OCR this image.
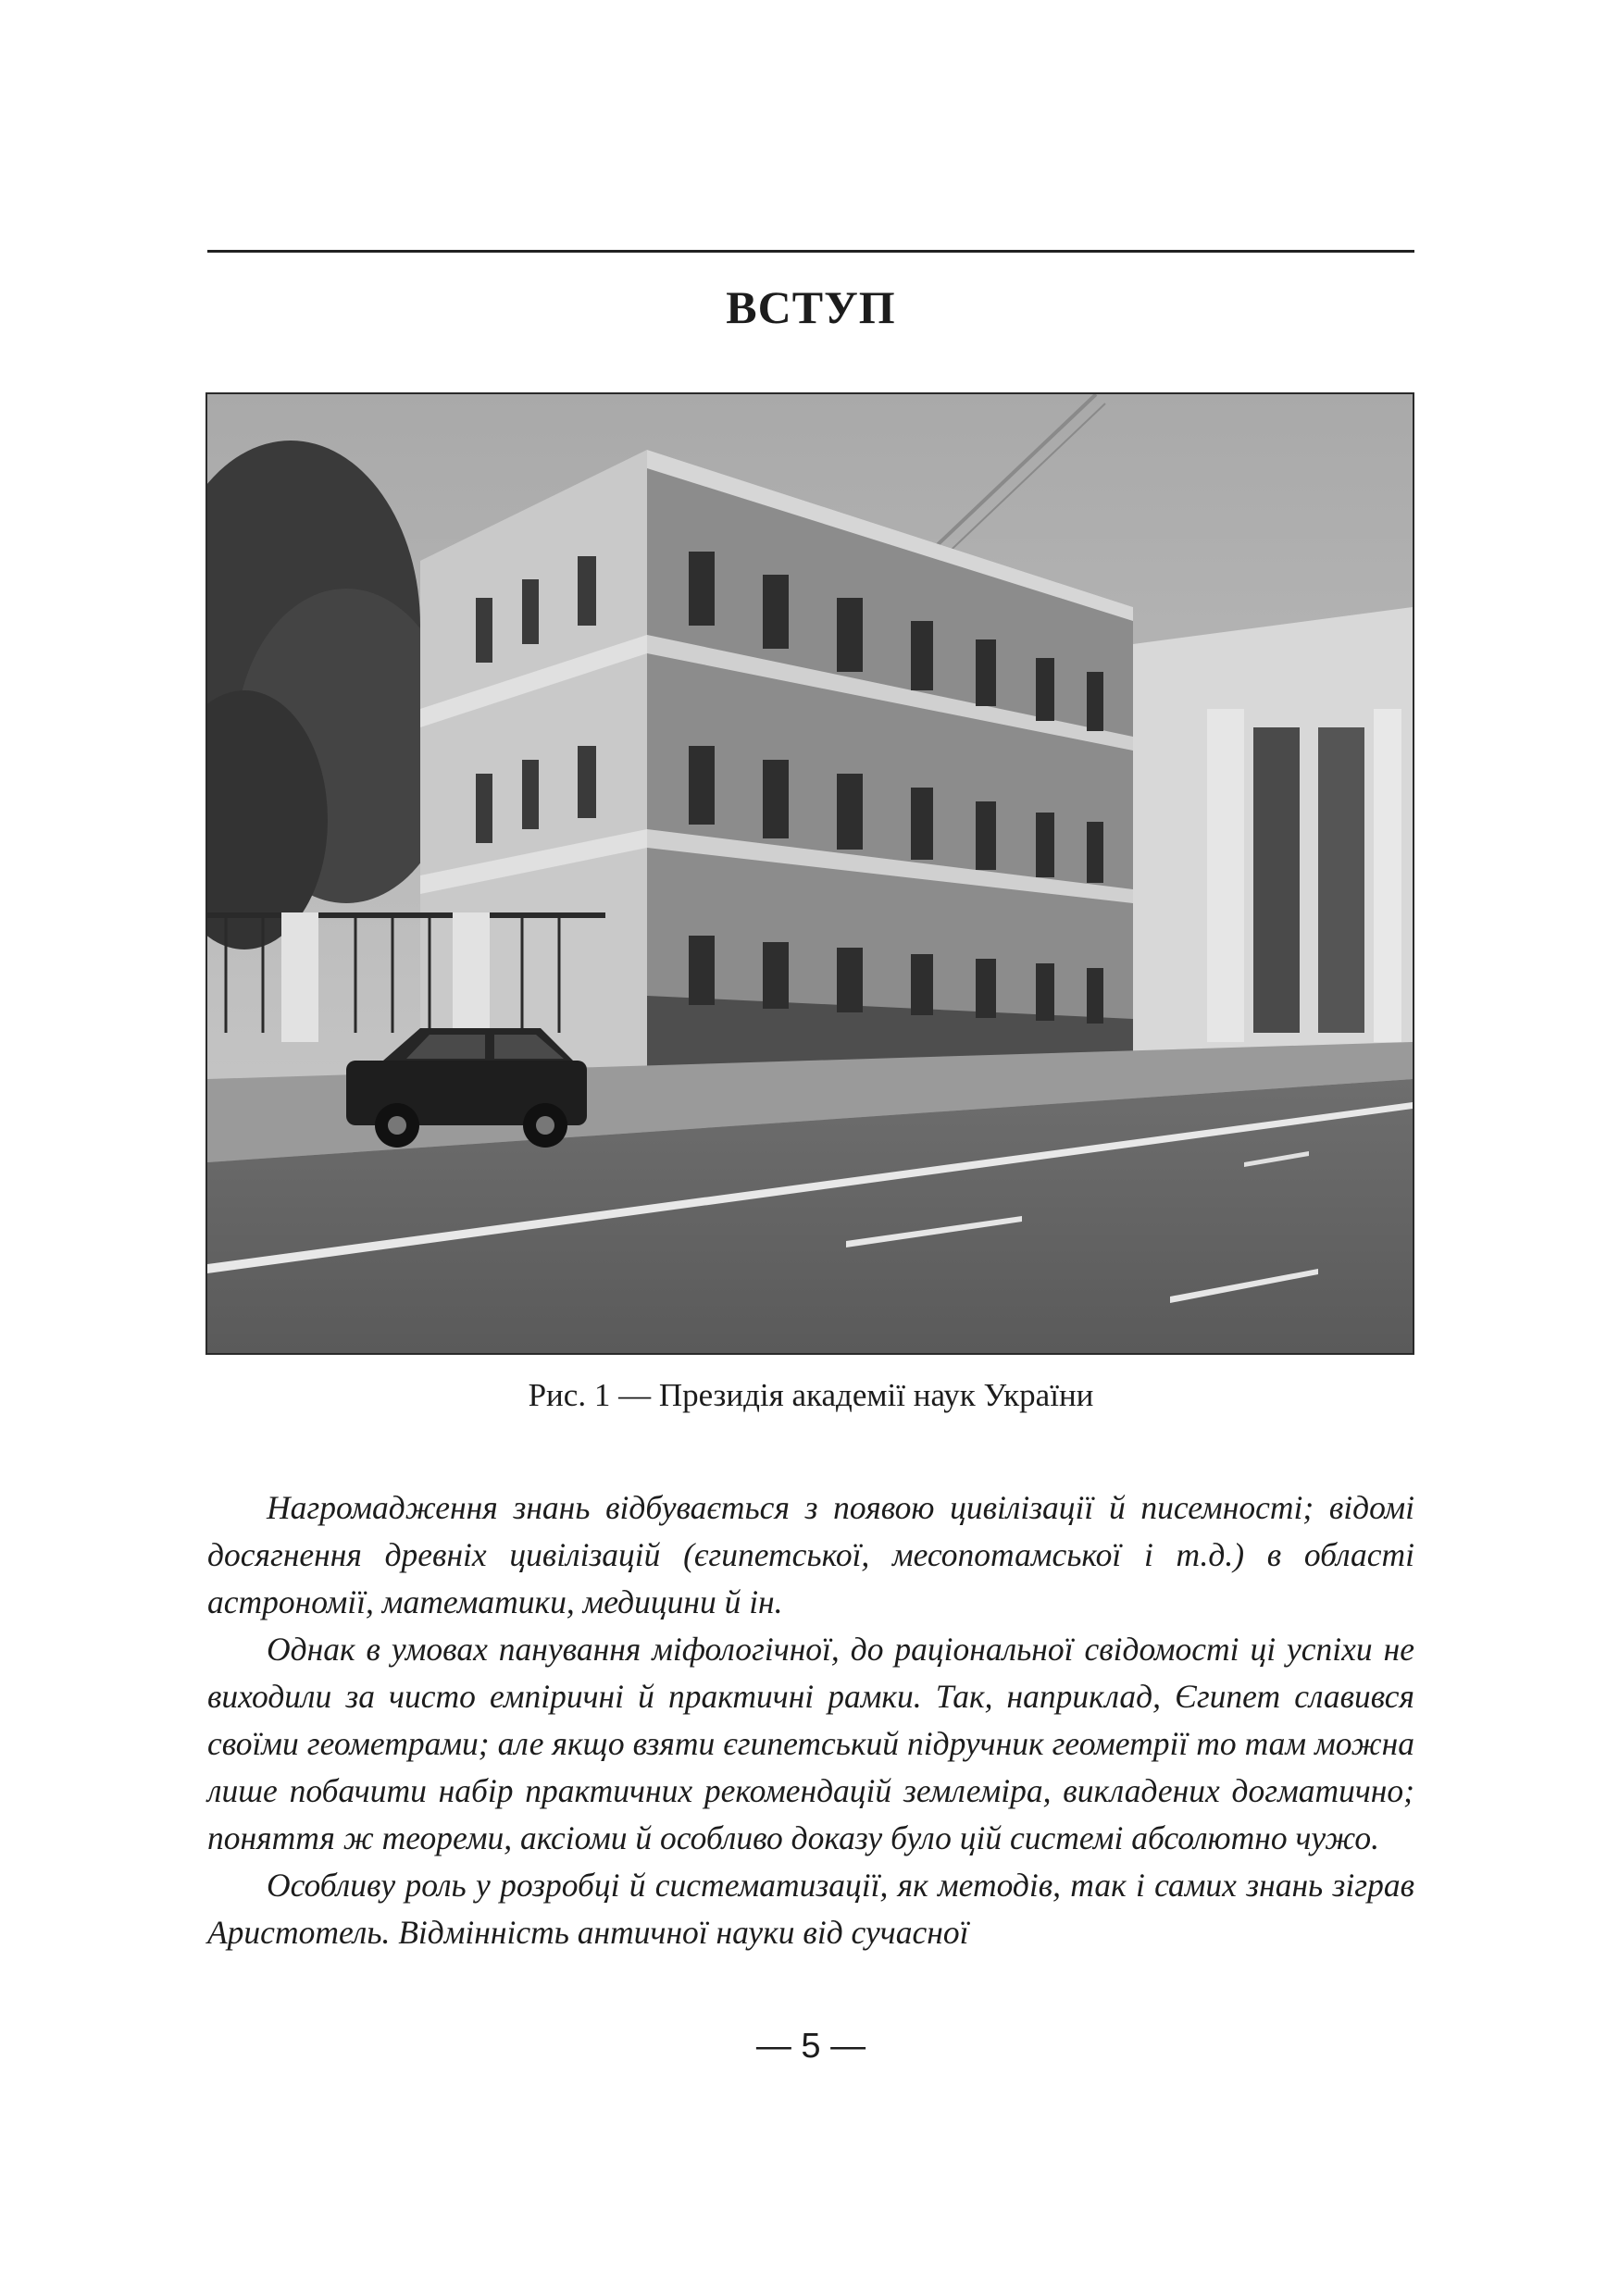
ВСТУП
Рис. 1 — Президія академії наук України

Нагромадження знань відбувається з появою цивілізації й писемності; відомі досягнення древніх цивілізацій (єгипетської, месопотамської і т.д.) в області астрономії, математики, медицини й ін.

Однак в умовах панування міфологічної, до раціональної свідомості ці успіхи не виходили за чисто емпіричні й практичні рамки. Так, наприклад, Єгипет славився своїми геометрами; але якщо взяти єгипетський підручник геометрії то там можна лише побачити набір практичних рекомендацій землеміра, викладених догматично; поняття ж теореми, аксіоми й особливо доказу було цій системі абсолютно чужо.

Особливу роль у розробці й систематизації, як методів, так і самих знань зіграв Аристотель. Відмінність античної науки від сучасної

— 5 —
